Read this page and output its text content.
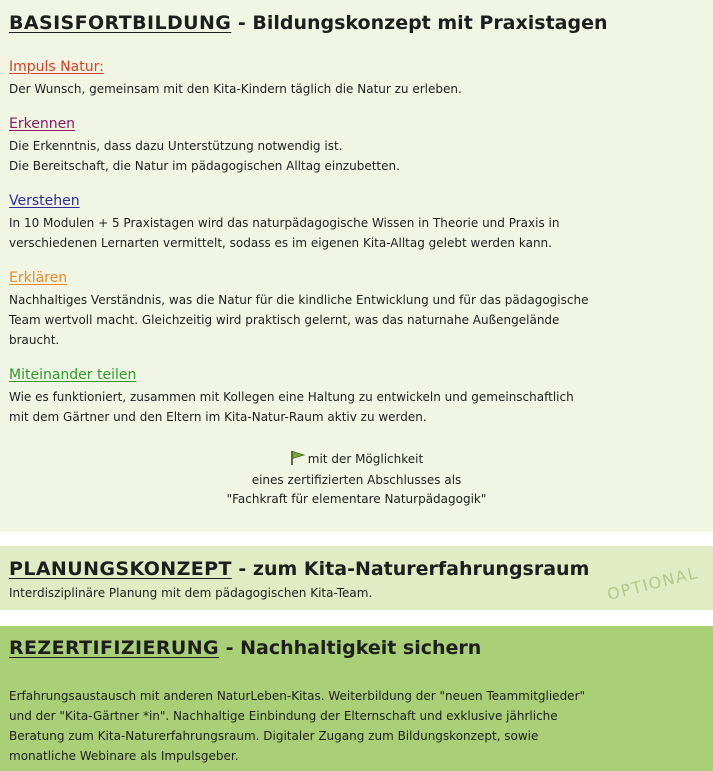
BASISFORTBILDUNG - Bildungskonzept mit Praxistagen
Impuls Natur:

Der Wunsch, gemeinsam mit den Kita-Kindern täglich die Natur zu erleben.

Erkennen

Die Erkenntnis, dass dazu Unterstützung notwendig ist.
Die Bereitschaft, die Natur im pädagogischen Alltag einzubetten.

Verstehen

In 10 Modulen + 5 Praxistagen wird das naturpädagogische Wissen in Theorie und Praxis in
verschiedenen Lernarten vermittelt, sodass es im eigenen Kita-Alltag gelebt werden kann.

Erklären

Nachhaltiges Verständnis, was die Natur für die kindliche Entwicklung und für das pädagogische
Team wertvoll macht. Gleichzeitig wird praktisch gelernt, was das naturnahe Außengelände
braucht.

Miteinander teilen

Wie es funktioniert, zusammen mit Kollegen eine Haltung zu entwickeln und gemeinschaftlich
mit dem Gärtner und den Eltern im Kita-Natur-Raum aktiv zu werden.

mit der Möglichkeit
eines zertifizierten Abschlusses als
"Fachkraft für elementare Naturpädagogik"
PLANUNGSKONZEPT - zum Kita-Naturerfahrungsraum

Interdisziplinäre Planung mit dem pädagogischen Kita-Team.	OPTIONAL
REZERTIFIZIERUNG - Nachhaltigkeit sichern

Erfahrungsaustausch mit anderen NaturLeben-Kitas. Weiterbildung der "neuen Teammitglieder"
und der "Kita-Gärtner *in". Nachhaltige Einbindung der Elternschaft und exklusive jährliche
Beratung zum Kita-Naturerfahrungsraum. Digitaler Zugang zum Bildungskonzept, sowie
monatliche Webinare als Impulsgeber.
